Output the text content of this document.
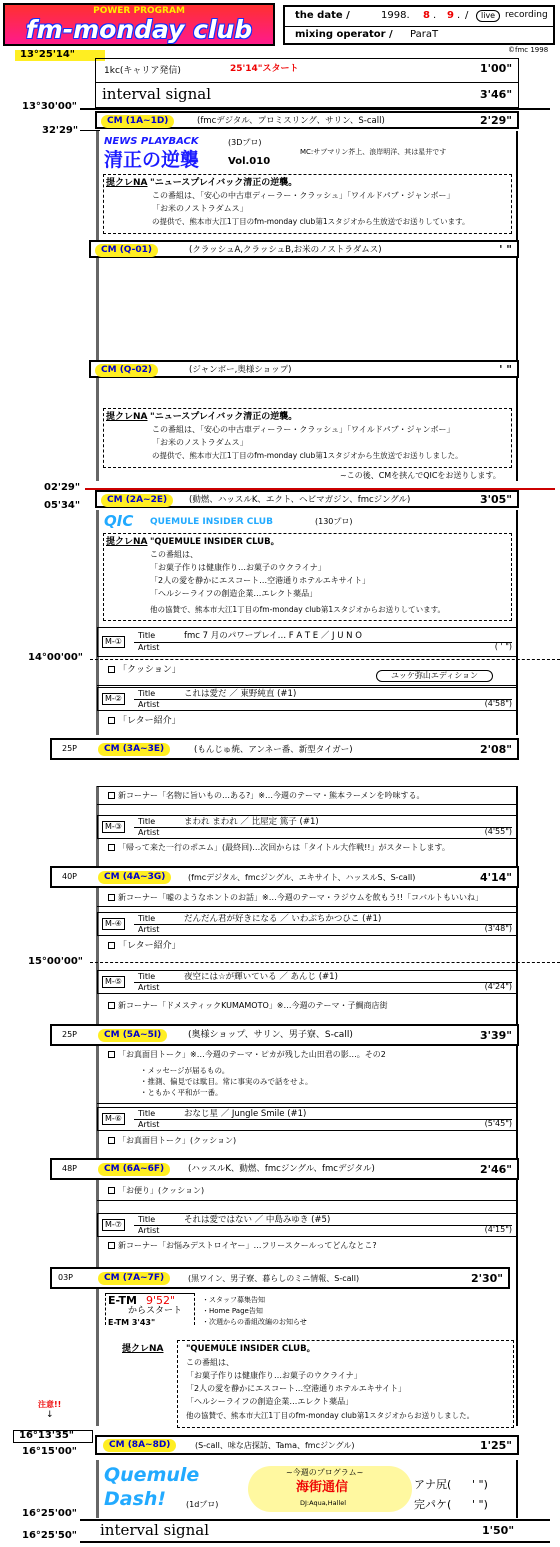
POWER PROGRAM
fm-monday club	the date /	1998. 8 . 9 . /	live	recording
mixing operator / ParaT
©fmc 1998
13°25'14"
13°30'00"
32'29"
02'29"
05'34"
14°00'00"
15°00'00"
注意!!
↓
16°13'35"
16°15'00"
16°25'00"
16°25'50"
1kc(キャリア発信)	25'14"スタート	1'00"
interval signal	3'46"
CM (1A~1D)	(fmcデジタル、プロミスリング、サリン、S-call)	2'29"
NEWS PLAYBACK	(3Dプロ)
MC:サブマリン芥上、浪岸明洋、其は星井です
清正の逆襲	Vol.010
提クレNA "ニュースプレイバック清正の逆襲。
この番組は、「安心の中古車ディーラー・クラッシュ」「ワイルドパブ・ジャンボー」
「お米のノストラダムス」
の提供で、熊本市大江1丁目のfm-monday club第1スタジオから生放送でお送りしています。
CM (Q-01)	(クラッシュA,クラッシュB,お米のノストラダムス)	' "
CM (Q-02)	(ジャンボー,奥様ショップ)	' "
提クレNA "ニュースプレイバック清正の逆襲。
この番組は、「安心の中古車ディーラー・クラッシュ」「ワイルドパブ・ジャンボー」
「お米のノストラダムス」
の提供で、熊本市大江1丁目のfm-monday club第1スタジオから生放送でお送りしました。
~この後、CMを挟んでQICをお送りします。
CM (2A~2E)	(動燃、ハッスルK、エクト、ヘビマガジン、fmcジングル)	3'05"
QIC QUEMULE INSIDER CLUB	(130プロ)
提クレNA "QUEMULE INSIDER CLUB。
この番組は、
「お菓子作りは健康作り…お菓子のウクライナ」
「2人の愛を静かにエスコート…空港通りホテルエキサイト」
「ヘルシーライフの創造企業…エレクト薬品」
他の協賛で、熊本市大江1丁目のfm-monday club第1スタジオからお送りしています。
M-①
Title	fmc 7 月のパワープレイ… F A T E ／ J U N O
Artist	( ' ")
「クッション」
ユッケ弥山エディション
M-②
Title	これは愛だ ／ 東野純直 (#1)
Artist	(4'58")
「レター紹介」
25P	CM (3A~3E)	(もんじゅ焼、アンネー番、新型タイガー)	2'08"
新コーナー「名物に旨いもの…ある?」※…今週のテーマ・熊本ラーメンを吟味する。
M-③
Title	まわれ まわれ ／ 比屋定 篤子 (#1)
Artist	(4'55")
「帰って来た一行のポエム」(最終回)…次回からは「タイトル大作戦!!」がスタートします。
40P	CM (4A~3G)	(fmcデジタル、fmcジングル、エキサイト、ハッスルS、S-call)	4'14"
新コーナー「嘘のようなホントのお話」※…今週のテーマ・ラジウムを飲もう!!「コバルトもいいね」
M-④
Title	だんだん君が好きになる ／ いわぶちかつひこ (#1)
Artist	(3'48")
「レター紹介」
M-⑤
Title	夜空には☆が輝いている ／ あんじ (#1)
Artist	(4'24")
新コーナー「ドメスティックKUMAMOTO」※…今週のテーマ・子鯛商店街
25P	CM (5A~5I)	(奥様ショップ、サリン、男子寮、S-call)	3'39"
「お真面目トーク」※…今週のテーマ・ピカが残した山田君の影…。その2
・メッセージが届るもの。
・推測、偏見では駄目。常に事実のみで話をせよ。
・ともかく平和が一番。
M-⑥
Title	おなじ星 ／ Jungle Smile (#1)
Artist	(5'45")
「お真面目トーク」(クッション)
48P	CM (6A~6F)	(ハッスルK、動燃、fmcジングル、fmcデジタル)	2'46"
「お便り」(クッション)
M-⑦
Title	それは愛ではない ／ 中島みゆき (#5)
Artist	(4'15")
新コーナー「お悩みデストロイヤー」…フリースクールってどんなとこ?
03P	CM (7A~7F)	(黒ワイン、男子寮、暮らしのミニ情報、S-call)	2'30"
E-TM 9'52"
からスタート
E-TM 3'43"
・スタッフ募集告知
・Home Page告知
・次週からの番組改編のお知らせ
提クレNA	"QUEMULE INSIDER CLUB。
この番組は、
「お菓子作りは健康作り…お菓子のウクライナ」
「2人の愛を静かにエスコート…空港通りホテルエキサイト」
「ヘルシーライフの創造企業…エレクト薬品」
他の協賛で、熊本市大江1丁目のfm-monday club第1スタジオからお送りしました。
CM (8A~8D)	(S-call、味な店探訪、Tama、fmcジングル)	1'25"
Quemule
Dash! (1dプロ)
~今週のプログラム~
海街通信
DJ:Aqua,Hallel
アナ尻( ' ")
完パケ( ' ")
interval signal	1'50"
